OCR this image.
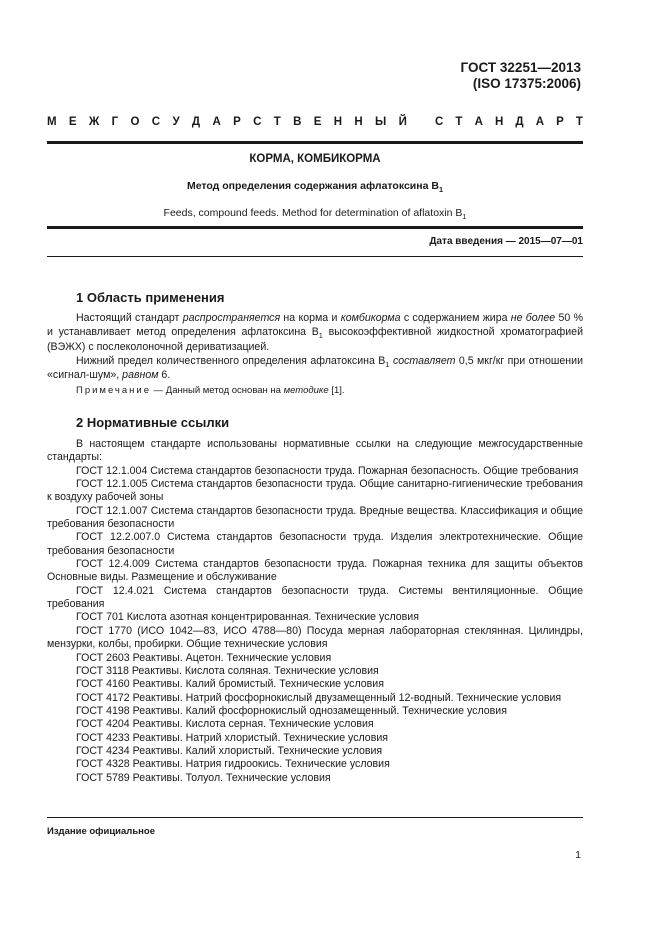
ГОСТ 32251—2013
(ISO 17375:2006)
М Е Ж Г О С У Д А Р С Т В Е Н Н Ы Й С Т А Н Д А Р Т
КОРМА, КОМБИКОРМА
Метод определения содержания афлатоксина $B_1$
Feeds, compound feeds. Method for determination of aflatoxin $B_1$
Дата введения — 2015—07—01
1 Область применения

Настоящий стандарт распространяется на корма и комбикорма с содержанием жира не более 50 % и устанавливает метод определения афлатоксина $B_1$ высокоэффективной жидкостной хроматографией (ВЭЖХ) с послеколоночной дериватизацией.

Нижний предел количественного определения афлатоксина $B_1$ составляет 0,5 мкг/кг при отношении «сигнал-шум», равном 6.

Примечание — Данный метод основан на методике [1].
2 Нормативные ссылки
В настоящем стандарте использованы нормативные ссылки на следующие межгосударственные стандарты:
ГОСТ 12.1.004 Система стандартов безопасности труда. Пожарная безопасность. Общие требования
ГОСТ 12.1.005 Система стандартов безопасности труда. Общие санитарно-гигиенические требования к воздуху рабочей зоны
ГОСТ 12.1.007 Система стандартов безопасности труда. Вредные вещества. Классификация и общие требования безопасности
ГОСТ 12.2.007.0 Система стандартов безопасности труда. Изделия электротехнические. Общие требования безопасности
ГОСТ 12.4.009 Система стандартов безопасности труда. Пожарная техника для защиты объектов Основные виды. Размещение и обслуживание
ГОСТ 12.4.021 Система стандартов безопасности труда. Системы вентиляционные. Общие требования
ГОСТ 701 Кислота азотная концентрированная. Технические условия
ГОСТ 1770 (ИСО 1042—83, ИСО 4788—80) Посуда мерная лабораторная стеклянная. Цилиндры, мензурки, колбы, пробирки. Общие технические условия
ГОСТ 2603 Реактивы. Ацетон. Технические условия
ГОСТ 3118 Реактивы. Кислота соляная. Технические условия
ГОСТ 4160 Реактивы. Калий бромистый. Технические условия
ГОСТ 4172 Реактивы. Натрий фосфорнокислый двузамещенный 12-водный. Технические условия
ГОСТ 4198 Реактивы. Калий фосфорнокислый однозамещенный. Технические условия
ГОСТ 4204 Реактивы. Кислота серная. Технические условия
ГОСТ 4233 Реактивы. Натрий хлористый. Технические условия
ГОСТ 4234 Реактивы. Калий хлористый. Технические условия
ГОСТ 4328 Реактивы. Натрия гидроокись. Технические условия
ГОСТ 5789 Реактивы. Толуол. Технические условия
Издание официальное
1
